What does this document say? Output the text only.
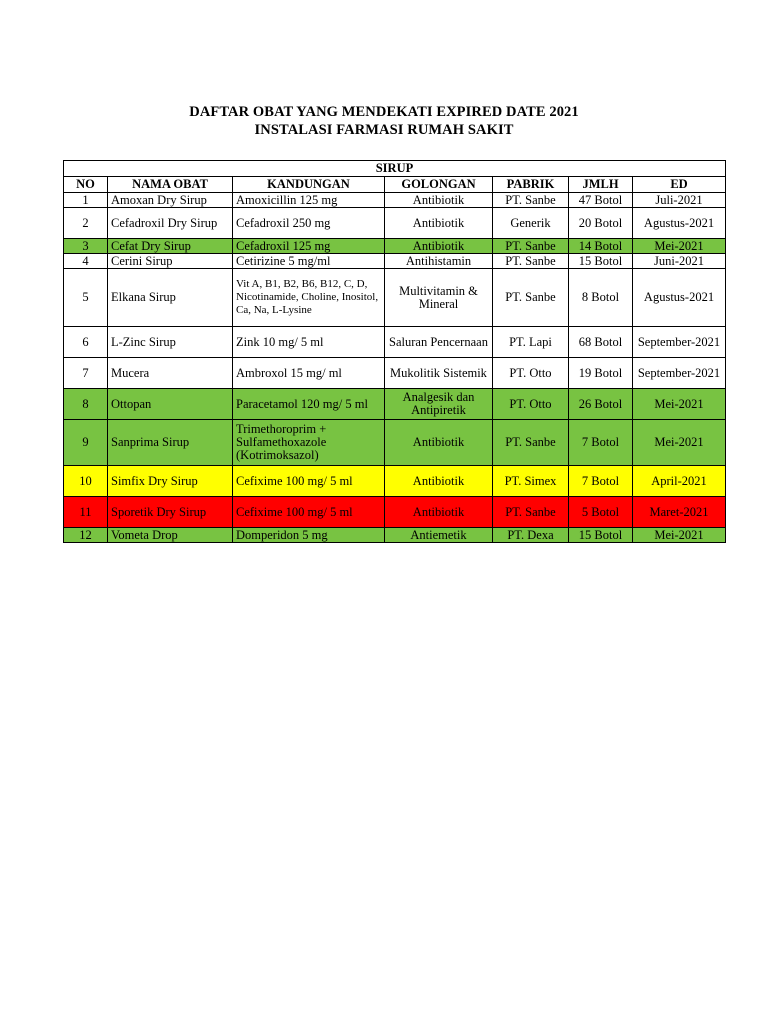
DAFTAR OBAT YANG MENDEKATI EXPIRED DATE 2021
INSTALASI FARMASI RUMAH SAKIT
SIRUP						
NO	NAMA OBAT	KANDUNGAN	GOLONGAN	PABRIK	JMLH	ED
1	Amoxan Dry Sirup	Amoxicillin 125 mg	Antibiotik	PT. Sanbe	47 Botol	Juli-2021
2	Cefadroxil Dry Sirup	Cefadroxil 250 mg	Antibiotik	Generik	20 Botol	Agustus-2021
3	Cefat Dry Sirup	Cefadroxil 125 mg	Antibiotik	PT. Sanbe	14 Botol	Mei-2021
4	Cerini Sirup	Cetirizine 5 mg/ml	Antihistamin	PT. Sanbe	15 Botol	Juni-2021
5	Elkana Sirup	Vit A, B1, B2, B6, B12, C, D, Nicotinamide, Choline, Inositol, Ca, Na, L-Lysine	Multivitamin & Mineral	PT. Sanbe	8 Botol	Agustus-2021
6	L-Zinc Sirup	Zink 10 mg/ 5 ml	Saluran Pencernaan	PT. Lapi	68 Botol	September-2021
7	Mucera	Ambroxol 15 mg/ ml	Mukolitik Sistemik	PT. Otto	19 Botol	September-2021
8	Ottopan	Paracetamol 120 mg/ 5 ml	Analgesik dan Antipiretik	PT. Otto	26 Botol	Mei-2021
9	Sanprima Sirup	Trimethoroprim + Sulfamethoxazole (Kotrimoksazol)	Antibiotik	PT. Sanbe	7 Botol	Mei-2021
10	Simfix Dry Sirup	Cefixime 100 mg/ 5 ml	Antibiotik	PT. Simex	7 Botol	April-2021
11	Sporetik Dry Sirup	Cefixime 100 mg/ 5 ml	Antibiotik	PT. Sanbe	5 Botol	Maret-2021
12	Vometa Drop	Domperidon 5 mg	Antiemetik	PT. Dexa	15 Botol	Mei-2021
